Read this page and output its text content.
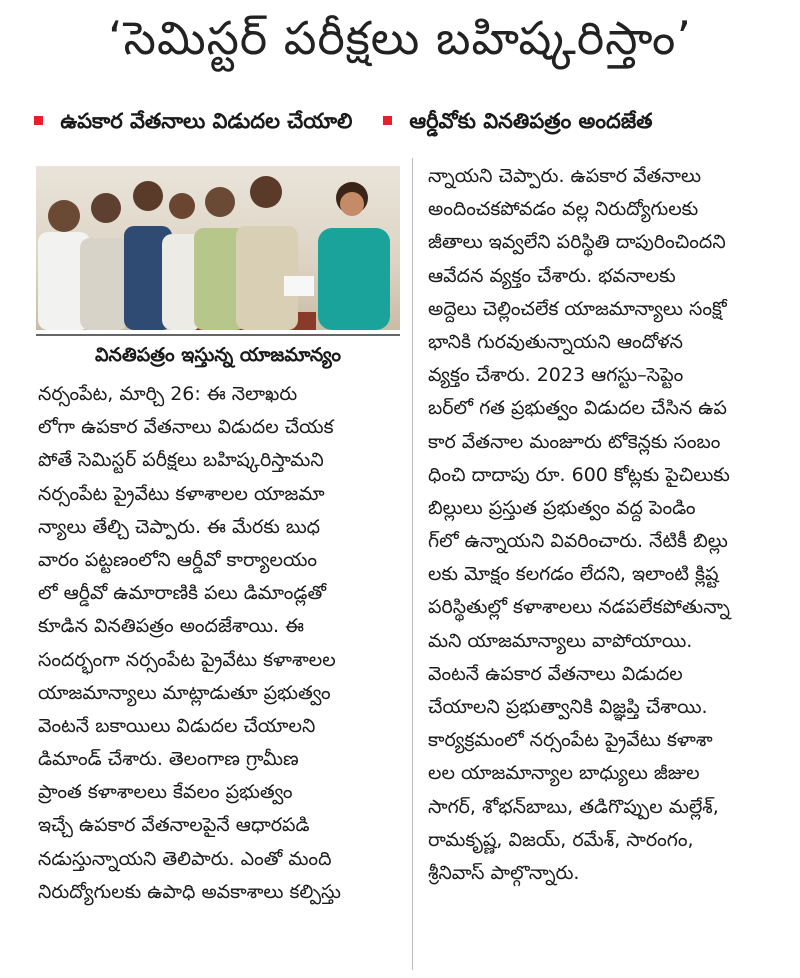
‘సెమిస్టర్ పరీక్షలు బహిష్కరిస్తాం’
ఉపకార వేతనాలు విడుదల చేయాలి	ఆర్డీవోకు వినతిపత్రం అందజేత
వినతిపత్రం ఇస్తున్న యాజమాన్యం
నర్సంపేట, మార్చి 26: ఈ నెలాఖరు
లోగా ఉపకార వేతనాలు విడుదల చేయక
పోతే సెమిస్టర్ పరీక్షలు బహిష్కరిస్తామని
నర్సంపేట ప్రైవేటు కళాశాలల యాజమా
న్యాలు తేల్చి చెప్పారు. ఈ మేరకు బుధ
వారం పట్టణంలోని ఆర్డీవో కార్యాలయం
లో ఆర్డీవో ఉమారాణికి పలు డిమాండ్లతో
కూడిన వినతిపత్రం అందజేశాయి. ఈ
సందర్భంగా నర్సంపేట ప్రైవేటు కళాశాలల
యాజమాన్యాలు మాట్లాడుతూ ప్రభుత్వం
వెంటనే బకాయిలు విడుదల చేయాలని
డిమాండ్ చేశారు. తెలంగాణ గ్రామీణ
ప్రాంత కళాశాలలు కేవలం ప్రభుత్వం
ఇచ్చే ఉపకార వేతనాలపైనే ఆధారపడి
నడుస్తున్నాయని తెలిపారు. ఎంతో మంది
నిరుద్యోగులకు ఉపాధి అవకాశాలు కల్పిస్తు
న్నాయని చెప్పారు. ఉపకార వేతనాలు
అందించకపోవడం వల్ల నిరుద్యోగులకు
జీతాలు ఇవ్వలేని పరిస్థితి దాపురించిందని
ఆవేదన వ్యక్తం చేశారు. భవనాలకు
అద్దెలు చెల్లించలేక యాజమాన్యాలు సంక్షో
భానికి గురవుతున్నాయని ఆందోళన
వ్యక్తం చేశారు. 2023 ఆగస్టు–సెప్టెం
బర్‌లో గత ప్రభుత్వం విడుదల చేసిన ఉప
కార వేతనాల మంజూరు టోకెన్లకు సంబం
ధించి దాదాపు రూ. 600 కోట్లకు పైచిలుకు
బిల్లులు ప్రస్తుత ప్రభుత్వం వద్ద పెండిం
గ్‌లో ఉన్నాయని వివరించారు. నేటికీ బిల్లు
లకు మోక్షం కలగడం లేదని, ఇలాంటి క్లిష్ట
పరిస్థితుల్లో కళాశాలలు నడపలేకపోతున్నా
మని యాజమాన్యాలు వాపోయాయి.
వెంటనే ఉపకార వేతనాలు విడుదల
చేయాలని ప్రభుత్వానికి విజ్ఞప్తి చేశాయి.
కార్యక్రమంలో నర్సంపేట ప్రైవేటు కళాశా
లల యాజమాన్యాల బాధ్యులు జీజుల
సాగర్, శోభన్‌బాబు, తడిగొప్పుల మల్లేశ్,
రామకృష్ణ, విజయ్, రమేశ్, సారంగం,
శ్రీనివాస్ పాల్గొన్నారు.
